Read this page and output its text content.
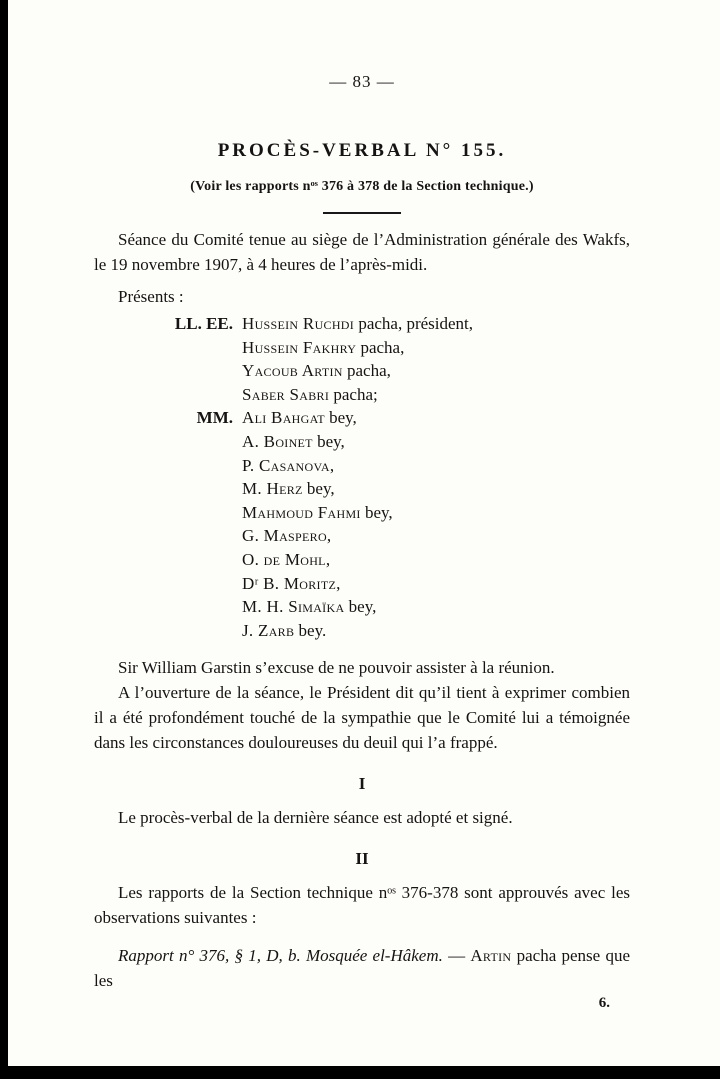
— 83 —
PROCÈS-VERBAL N° 155.
(Voir les rapports nᵒˢ 376 à 378 de la Section technique.)

Séance du Comité tenue au siège de l’Administration générale des Wakfs, le 19 novembre 1907, à 4 heures de l’après-midi.

Présents :

LL. EE. Hussein Ruchdi pacha, président,
Hussein Fakhry pacha,
Yacoub Artin pacha,
Saber Sabri pacha;
MM. Ali Bahgat bey,
A. Boinet bey,
P. Casanova ,
M. Herz bey,
Mahmoud Fahmi bey,
G. Maspero ,
O. de Mohl ,
Dʳ B. Moritz ,
M. H. Simaïka bey,
J. Zarb bey.

Sir William Garstin s’excuse de ne pouvoir assister à la réunion.

A l’ouverture de la séance, le Président dit qu’il tient à exprimer combien il a été profondément touché de la sympathie que le Comité lui a témoignée dans les circonstances douloureuses du deuil qui l’a frappé.

I

Le procès-verbal de la dernière séance est adopté et signé.

II

Les rapports de la Section technique nᵒˢ 376-378 sont approuvés avec les observations suivantes :

Rapport n° 376, § 1, D, b. Mosquée el-Hâkem. — Artin pacha pense que les

6.
